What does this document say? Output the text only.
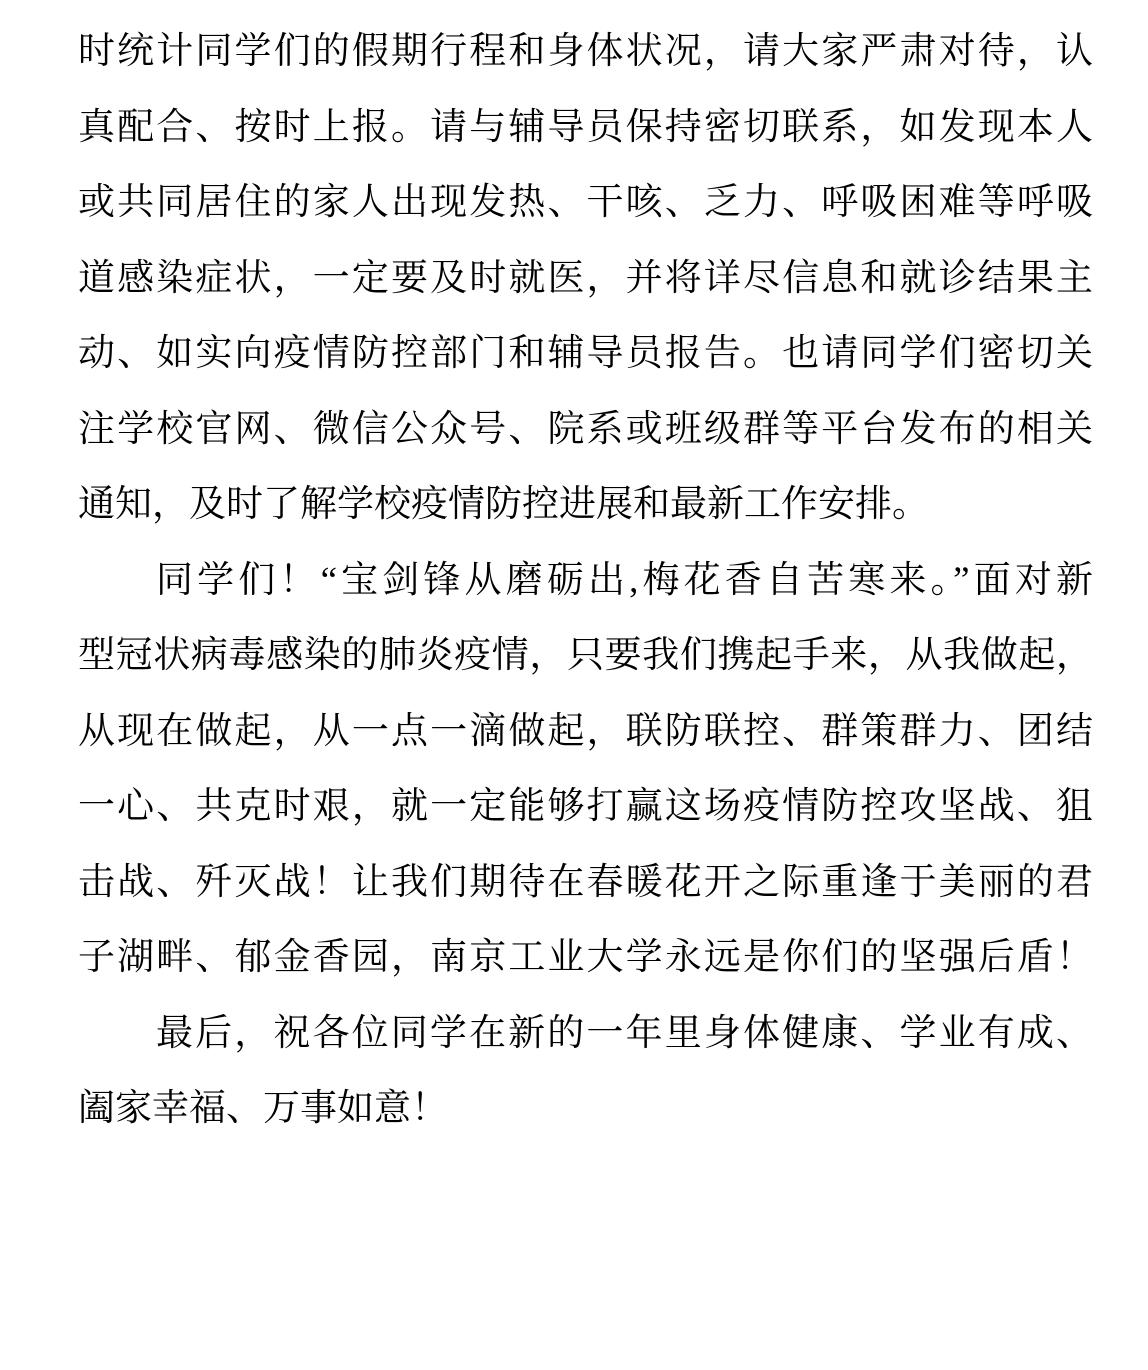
时统计同学们的假期行程和身体状况，请大家严肃对待，认
真配合、按时上报。请与辅导员保持密切联系，如发现本人
或共同居住的家人出现发热、干咳、乏力、呼吸困难等呼吸
道感染症状，一定要及时就医，并将详尽信息和就诊结果主
动、如实向疫情防控部门和辅导员报告。也请同学们密切关
注学校官网、微信公众号、院系或班级群等平台发布的相关
通知，及时了解学校疫情防控进展和最新工作安排。
同学们！“宝剑锋从磨砺出,梅花香自苦寒来。”面对新
型冠状病毒感染的肺炎疫情，只要我们携起手来，从我做起，
从现在做起，从一点一滴做起，联防联控、群策群力、团结
一心、共克时艰，就一定能够打赢这场疫情防控攻坚战、狙
击战、歼灭战！让我们期待在春暖花开之际重逢于美丽的君
子湖畔、郁金香园，南京工业大学永远是你们的坚强后盾！
最后，祝各位同学在新的一年里身体健康、学业有成、
阖家幸福、万事如意！
